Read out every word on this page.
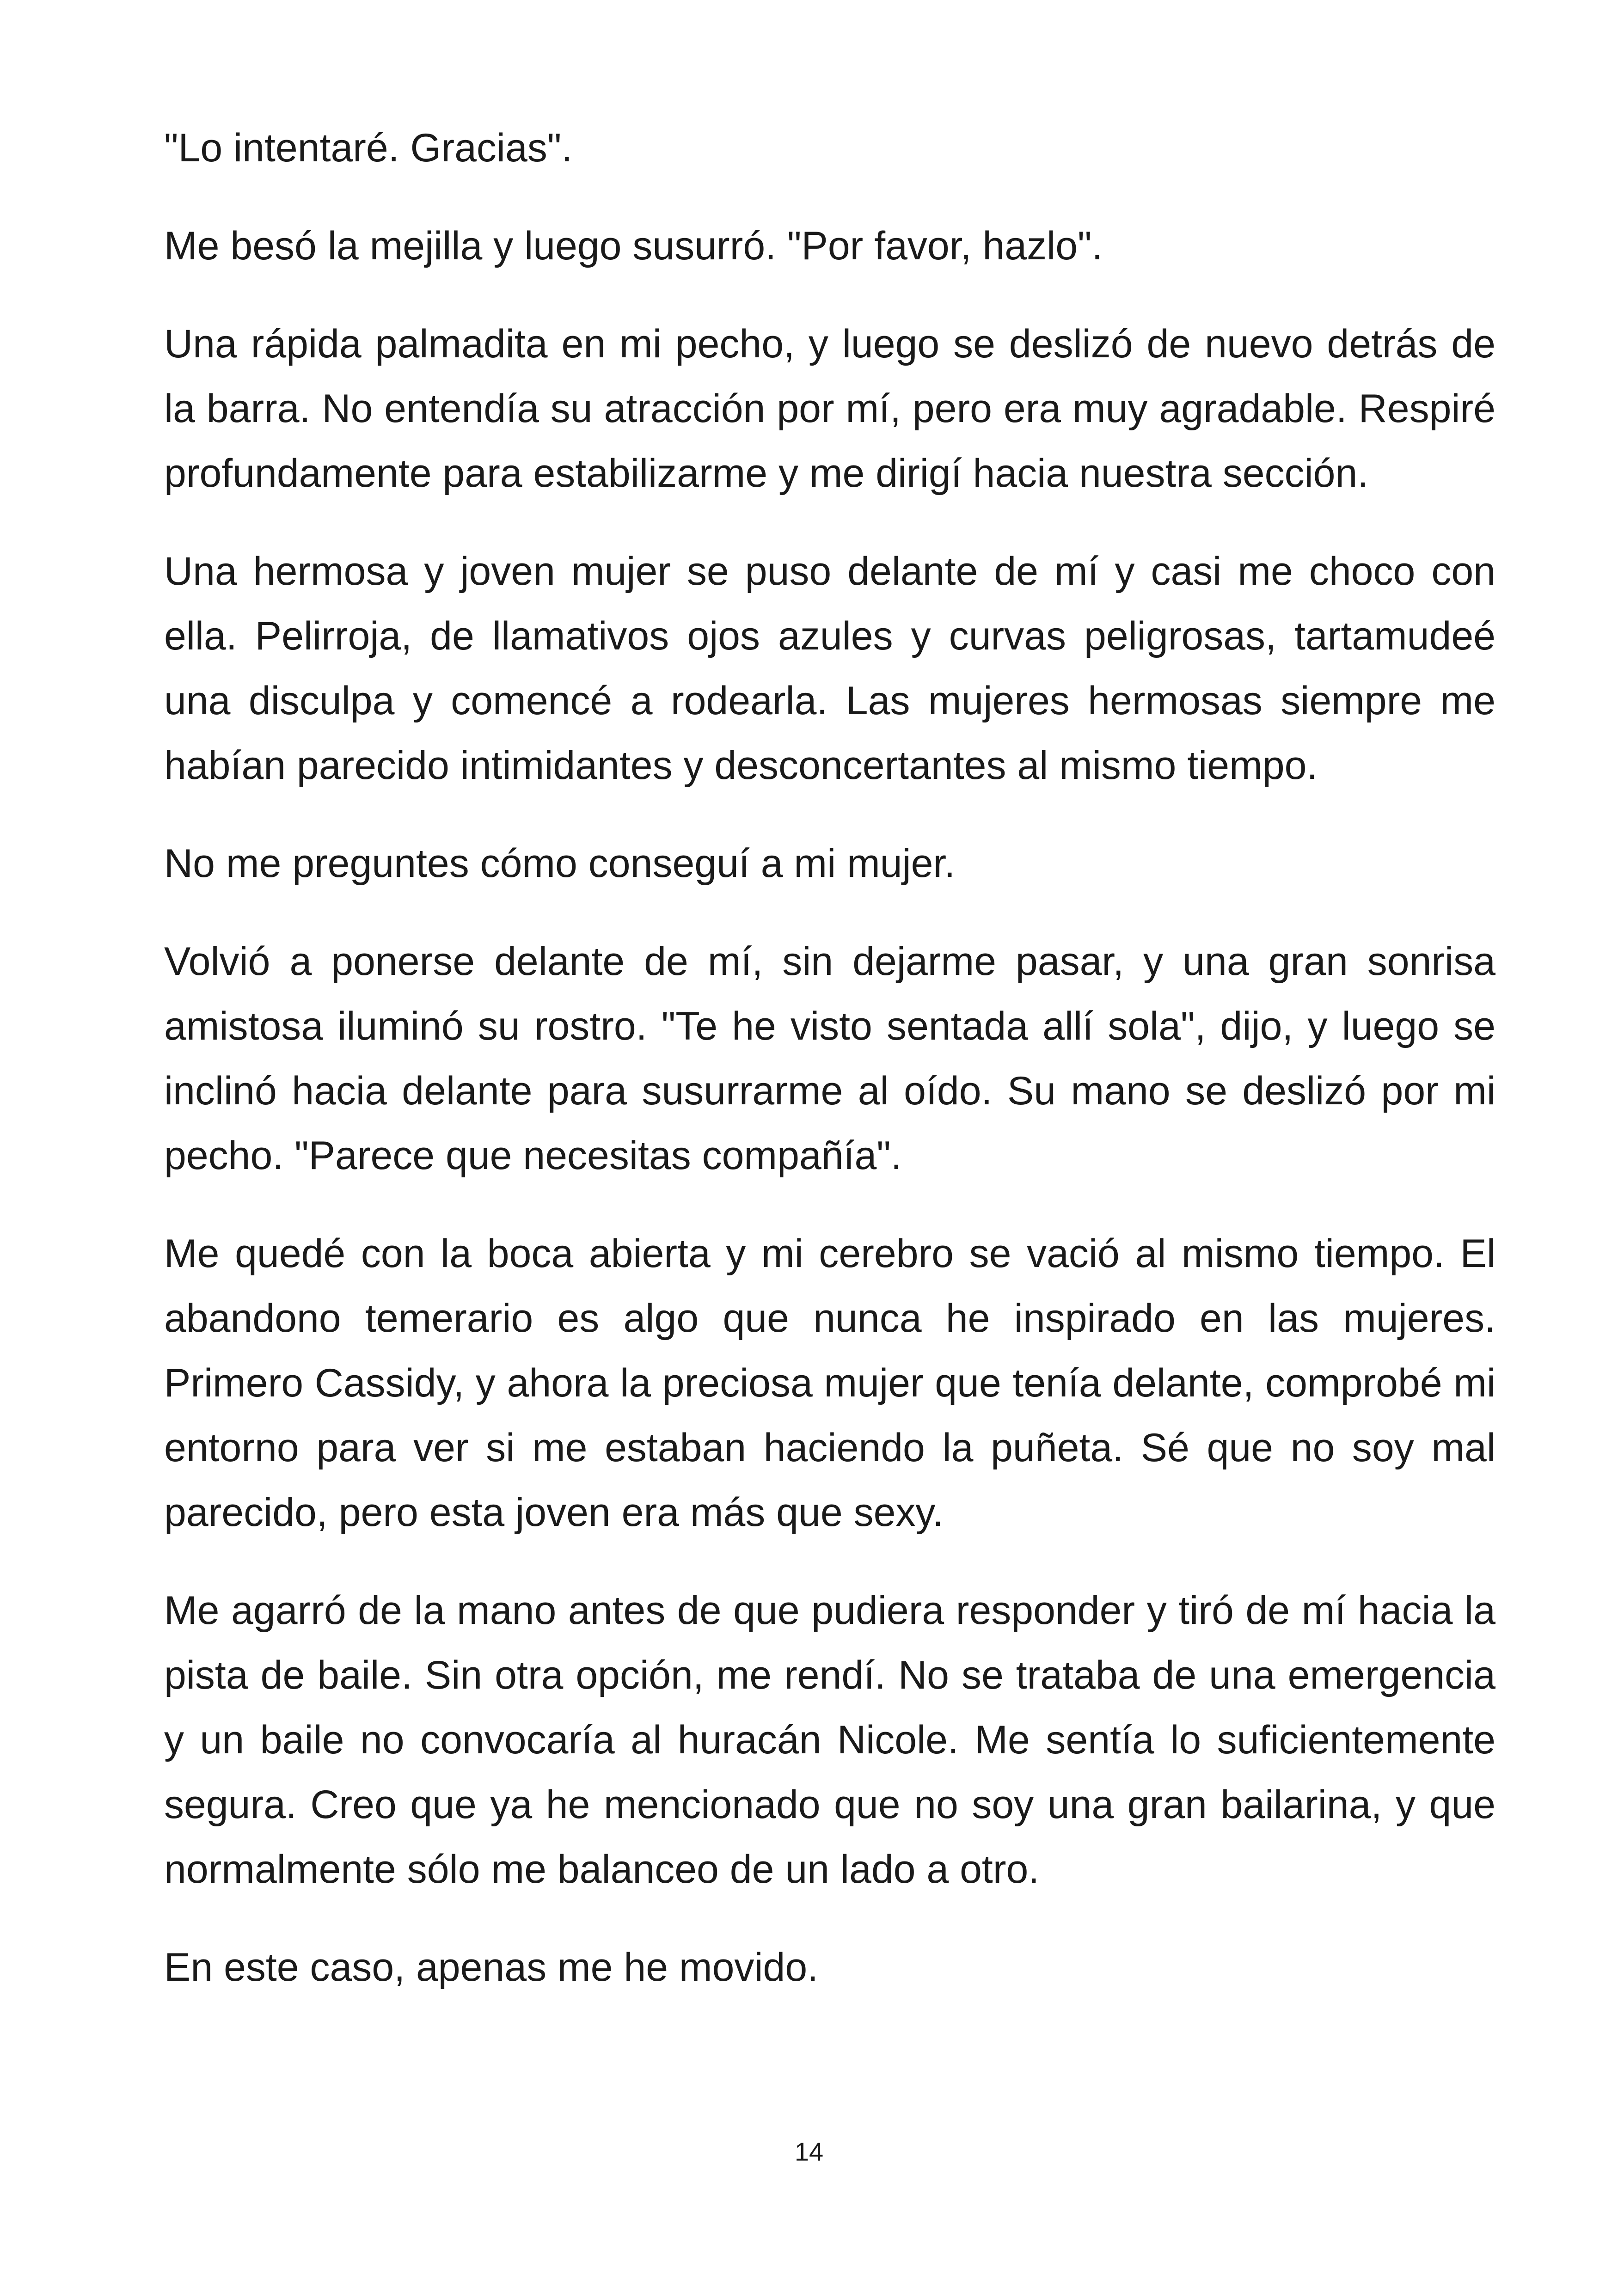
"Lo intentaré. Gracias".

Me besó la mejilla y luego susurró. "Por favor, hazlo".

Una rápida palmadita en mi pecho, y luego se deslizó de nuevo detrás de la barra. No entendía su atracción por mí, pero era muy agradable. Respiré profundamente para estabilizarme y me dirigí hacia nuestra sección.

Una hermosa y joven mujer se puso delante de mí y casi me choco con ella. Pelirroja, de llamativos ojos azules y curvas peligrosas, tartamudeé una disculpa y comencé a rodearla. Las mujeres hermosas siempre me habían parecido intimidantes y desconcertantes al mismo tiempo.

No me preguntes cómo conseguí a mi mujer.

Volvió a ponerse delante de mí, sin dejarme pasar, y una gran sonrisa amistosa iluminó su rostro. "Te he visto sentada allí sola", dijo, y luego se inclinó hacia delante para susurrarme al oído. Su mano se deslizó por mi pecho. "Parece que necesitas compañía".

Me quedé con la boca abierta y mi cerebro se vació al mismo tiempo. El abandono temerario es algo que nunca he inspirado en las mujeres. Primero Cassidy, y ahora la preciosa mujer que tenía delante, comprobé mi entorno para ver si me estaban haciendo la puñeta. Sé que no soy mal parecido, pero esta joven era más que sexy.

Me agarró de la mano antes de que pudiera responder y tiró de mí hacia la pista de baile. Sin otra opción, me rendí. No se trataba de una emergencia y un baile no convocaría al huracán Nicole. Me sentía lo suficientemente segura. Creo que ya he mencionado que no soy una gran bailarina, y que normalmente sólo me balanceo de un lado a otro.

En este caso, apenas me he movido.

14
